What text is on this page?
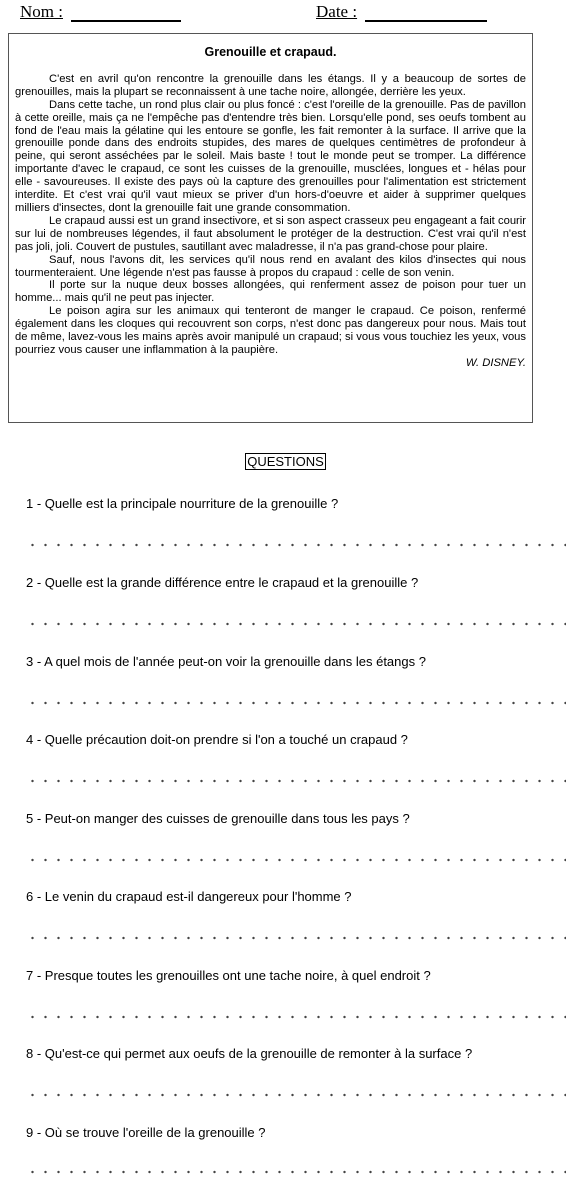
Nom :	Date :

Grenouille et crapaud.

C'est en avril qu'on rencontre la grenouille dans les étangs. Il y a beaucoup de sortes de grenouilles, mais la plupart se reconnaissent à une tache noire, allongée, derrière les yeux.

Dans cette tache, un rond plus clair ou plus foncé : c'est l'oreille de la grenouille. Pas de pavillon à cette oreille, mais ça ne l'empêche pas d'entendre très bien. Lorsqu'elle pond, ses oeufs tombent au fond de l'eau mais la gélatine qui les entoure se gonfle, les fait remonter à la surface. Il arrive que la grenouille ponde dans des endroits stupides, des mares de quelques centimètres de profondeur à peine, qui seront asséchées par le soleil. Mais baste ! tout le monde peut se tromper. La différence importante d'avec le crapaud, ce sont les cuisses de la grenouille, musclées, longues et - hélas pour elle - savoureuses. Il existe des pays où la capture des grenouilles pour l'alimentation est strictement interdite. Et c'est vrai qu'il vaut mieux se priver d'un hors-d'oeuvre et aider à supprimer quelques milliers d'insectes, dont la grenouille fait une grande consommation.

Le crapaud aussi est un grand insectivore, et si son aspect crasseux peu engageant a fait courir sur lui de nombreuses légendes, il faut absolument le protéger de la destruction. C'est vrai qu'il n'est pas joli, joli. Couvert de pustules, sautillant avec maladresse, il n'a pas grand-chose pour plaire.

Sauf, nous l'avons dit, les services qu'il nous rend en avalant des kilos d'insectes qui nous tourmenteraient. Une légende n'est pas fausse à propos du crapaud : celle de son venin.

Il porte sur la nuque deux bosses allongées, qui renferment assez de poison pour tuer un homme... mais qu'il ne peut pas injecter.

Le poison agira sur les animaux qui tenteront de manger le crapaud. Ce poison, renfermé également dans les cloques qui recouvrent son corps, n'est donc pas dangereux pour nous. Mais tout de même, lavez-vous les mains après avoir manipulé un crapaud; si vous vous touchiez les yeux, vous pourriez vous causer une inflammation à la paupière.

W. DISNEY.

QUESTIONS
1 - Quelle est la principale nourriture de la grenouille ?
2 - Quelle est la grande différence entre le crapaud et la grenouille ?
3 - A quel mois de l'année peut-on voir la grenouille dans les étangs ?
4 - Quelle précaution doit-on prendre si l'on a touché un crapaud ?
5 - Peut-on manger des cuisses de grenouille dans tous les pays ?
6 - Le venin du crapaud est-il dangereux pour l'homme ?
7 - Presque toutes les grenouilles ont une tache noire, à quel endroit ?
8 - Qu'est-ce qui permet aux oeufs de la grenouille de remonter à la surface ?
9 - Où se trouve l'oreille de la grenouille ?
